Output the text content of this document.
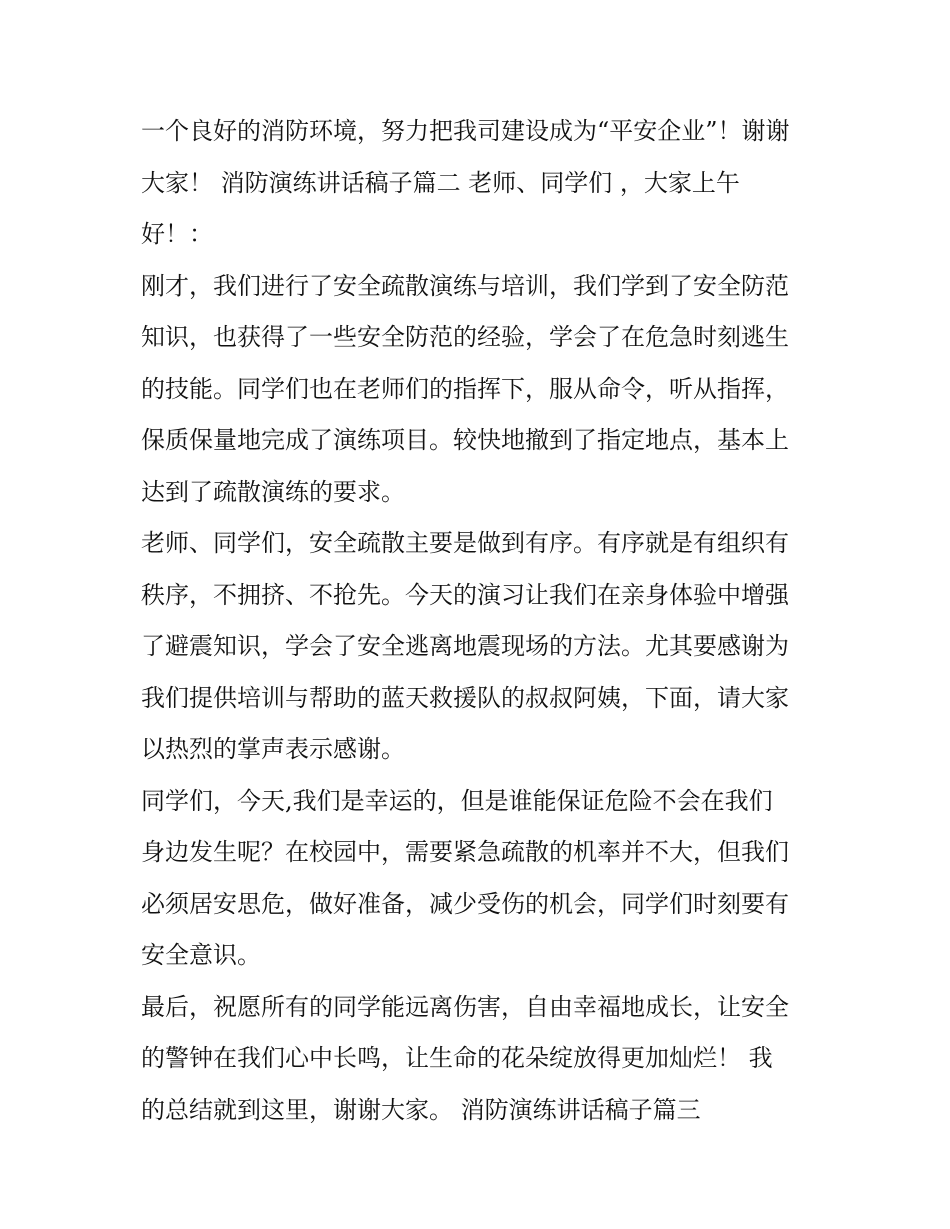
一个良好的消防环境，努力把我司建设成为“平安企业”！谢谢
大家！ 消防演练讲话稿子篇二 老师、同学们 ，大家上午
好！：
刚才，我们进行了安全疏散演练与培训，我们学到了安全防范
知识，也获得了一些安全防范的经验，学会了在危急时刻逃生
的技能。同学们也在老师们的指挥下，服从命令，听从指挥，
保质保量地完成了演练项目。较快地撤到了指定地点，基本上
达到了疏散演练的要求。
老师、同学们，安全疏散主要是做到有序。有序就是有组织有
秩序，不拥挤、不抢先。今天的演习让我们在亲身体验中增强
了避震知识，学会了安全逃离地震现场的方法。尤其要感谢为
我们提供培训与帮助的蓝天救援队的叔叔阿姨，下面，请大家
以热烈的掌声表示感谢。
同学们，今天,我们是幸运的，但是谁能保证危险不会在我们
身边发生呢？在校园中，需要紧急疏散的机率并不大，但我们
必须居安思危，做好准备，减少受伤的机会，同学们时刻要有
安全意识。
最后，祝愿所有的同学能远离伤害，自由幸福地成长，让安全
的警钟在我们心中长鸣，让生命的花朵绽放得更加灿烂！ 我
的总结就到这里，谢谢大家。 消防演练讲话稿子篇三
